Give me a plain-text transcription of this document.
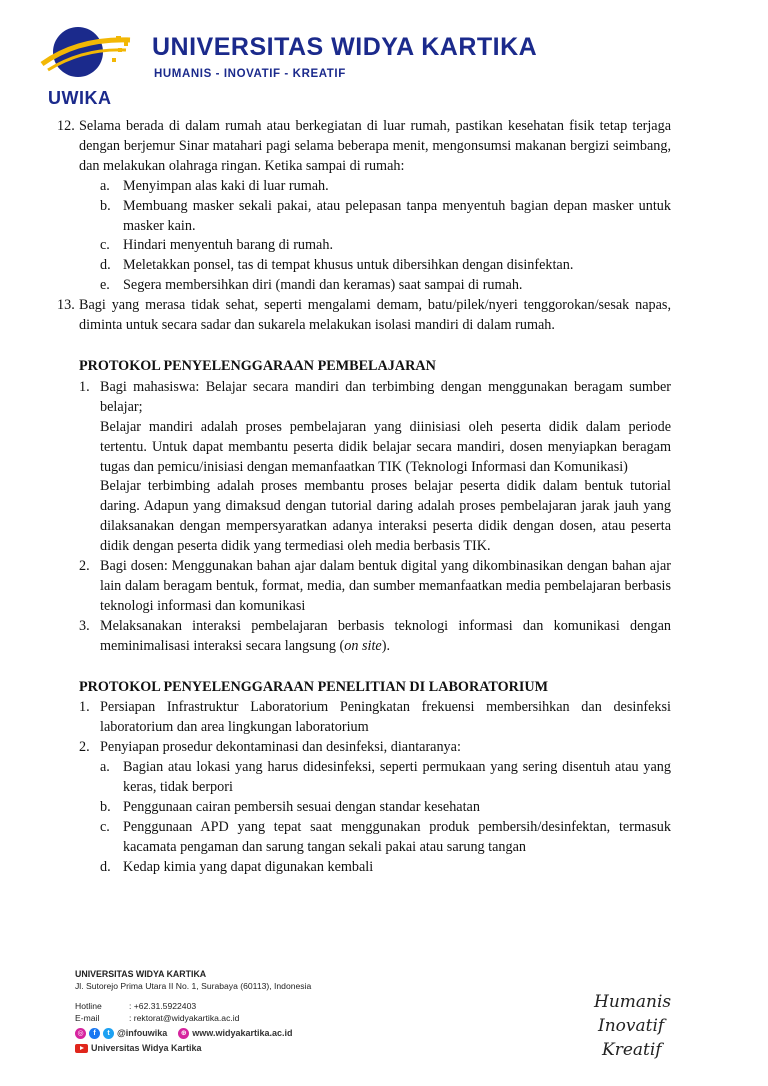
UWIKA
UNIVERSITAS WIDYA KARTIKA
HUMANIS - INOVATIF - KREATIF
12. Selama berada di dalam rumah atau berkegiatan di luar rumah, pastikan kesehatan fisik tetap terjaga dengan berjemur Sinar matahari pagi selama beberapa menit, mengonsumsi makanan bergizi seimbang, dan melakukan olahraga ringan. Ketika sampai di rumah:
a. Menyimpan alas kaki di luar rumah.
b. Membuang masker sekali pakai, atau pelepasan tanpa menyentuh bagian depan masker untuk masker kain.
c. Hindari menyentuh barang di rumah.
d. Meletakkan ponsel, tas di tempat khusus untuk dibersihkan dengan disinfektan.
e. Segera membersihkan diri (mandi dan keramas) saat sampai di rumah.
13. Bagi yang merasa tidak sehat, seperti mengalami demam, batu/pilek/nyeri tenggorokan/sesak napas, diminta untuk secara sadar dan sukarela melakukan isolasi mandiri di dalam rumah.
PROTOKOL PENYELENGGARAAN PEMBELAJARAN
1. Bagi mahasiswa: Belajar secara mandiri dan terbimbing dengan menggunakan beragam sumber belajar;
Belajar mandiri adalah proses pembelajaran yang diinisiasi oleh peserta didik dalam periode tertentu. Untuk dapat membantu peserta didik belajar secara mandiri, dosen menyiapkan beragam tugas dan pemicu/inisiasi dengan memanfaatkan TIK (Teknologi Informasi dan Komunikasi)
Belajar terbimbing adalah proses membantu proses belajar peserta didik dalam bentuk tutorial daring. Adapun yang dimaksud dengan tutorial daring adalah proses pembelajaran jarak jauh yang dilaksanakan dengan mempersyaratkan adanya interaksi peserta didik dengan dosen, atau peserta didik dengan peserta didik yang termediasi oleh media berbasis TIK.
2. Bagi dosen: Menggunakan bahan ajar dalam bentuk digital yang dikombinasikan dengan bahan ajar lain dalam beragam bentuk, format, media, dan sumber memanfaatkan media pembelajaran berbasis teknologi informasi dan komunikasi
3. Melaksanakan interaksi pembelajaran berbasis teknologi informasi dan komunikasi dengan meminimalisasi interaksi secara langsung (on site).
PROTOKOL PENYELENGGARAAN PENELITIAN DI LABORATORIUM
1. Persiapan Infrastruktur Laboratorium Peningkatan frekuensi membersihkan dan desinfeksi laboratorium dan area lingkungan laboratorium
2. Penyiapan prosedur dekontaminasi dan desinfeksi, diantaranya:
a. Bagian atau lokasi yang harus didesinfeksi, seperti permukaan yang sering disentuh atau yang keras, tidak berpori
b. Penggunaan cairan pembersih sesuai dengan standar kesehatan
c. Penggunaan APD yang tepat saat menggunakan produk pembersih/desinfektan, termasuk kacamata pengaman dan sarung tangan sekali pakai atau sarung tangan
d. Kedap kimia yang dapat digunakan kembali
UNIVERSITAS WIDYA KARTIKA
Jl. Sutorejo Prima Utara II No. 1, Surabaya (60113), Indonesia
Hotline	: +62.31.5922403
E-mail	: rektorat@widyakartika.ac.id
◎	f	t @infouwika	⊕ www.widyakartika.ac.id
Universitas Widya Kartika
Humanis
Inovatif
Kreatif
